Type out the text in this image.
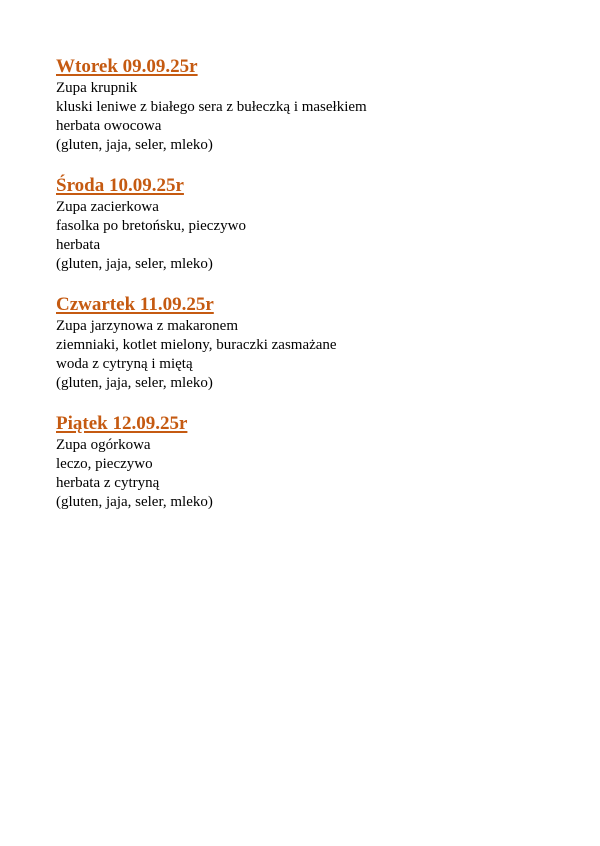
Wtorek 09.09.25r
Zupa krupnik
kluski leniwe z białego sera z bułeczką i masełkiem
herbata owocowa
(gluten, jaja, seler, mleko)
Środa 10.09.25r
Zupa zacierkowa
fasolka po bretońsku, pieczywo
herbata
(gluten, jaja, seler, mleko)
Czwartek 11.09.25r
Zupa jarzynowa z makaronem
ziemniaki, kotlet mielony, buraczki zasmażane
woda z cytryną i miętą
(gluten, jaja, seler, mleko)
Piątek 12.09.25r
Zupa ogórkowa
leczo, pieczywo
herbata z cytryną
(gluten, jaja, seler, mleko)
